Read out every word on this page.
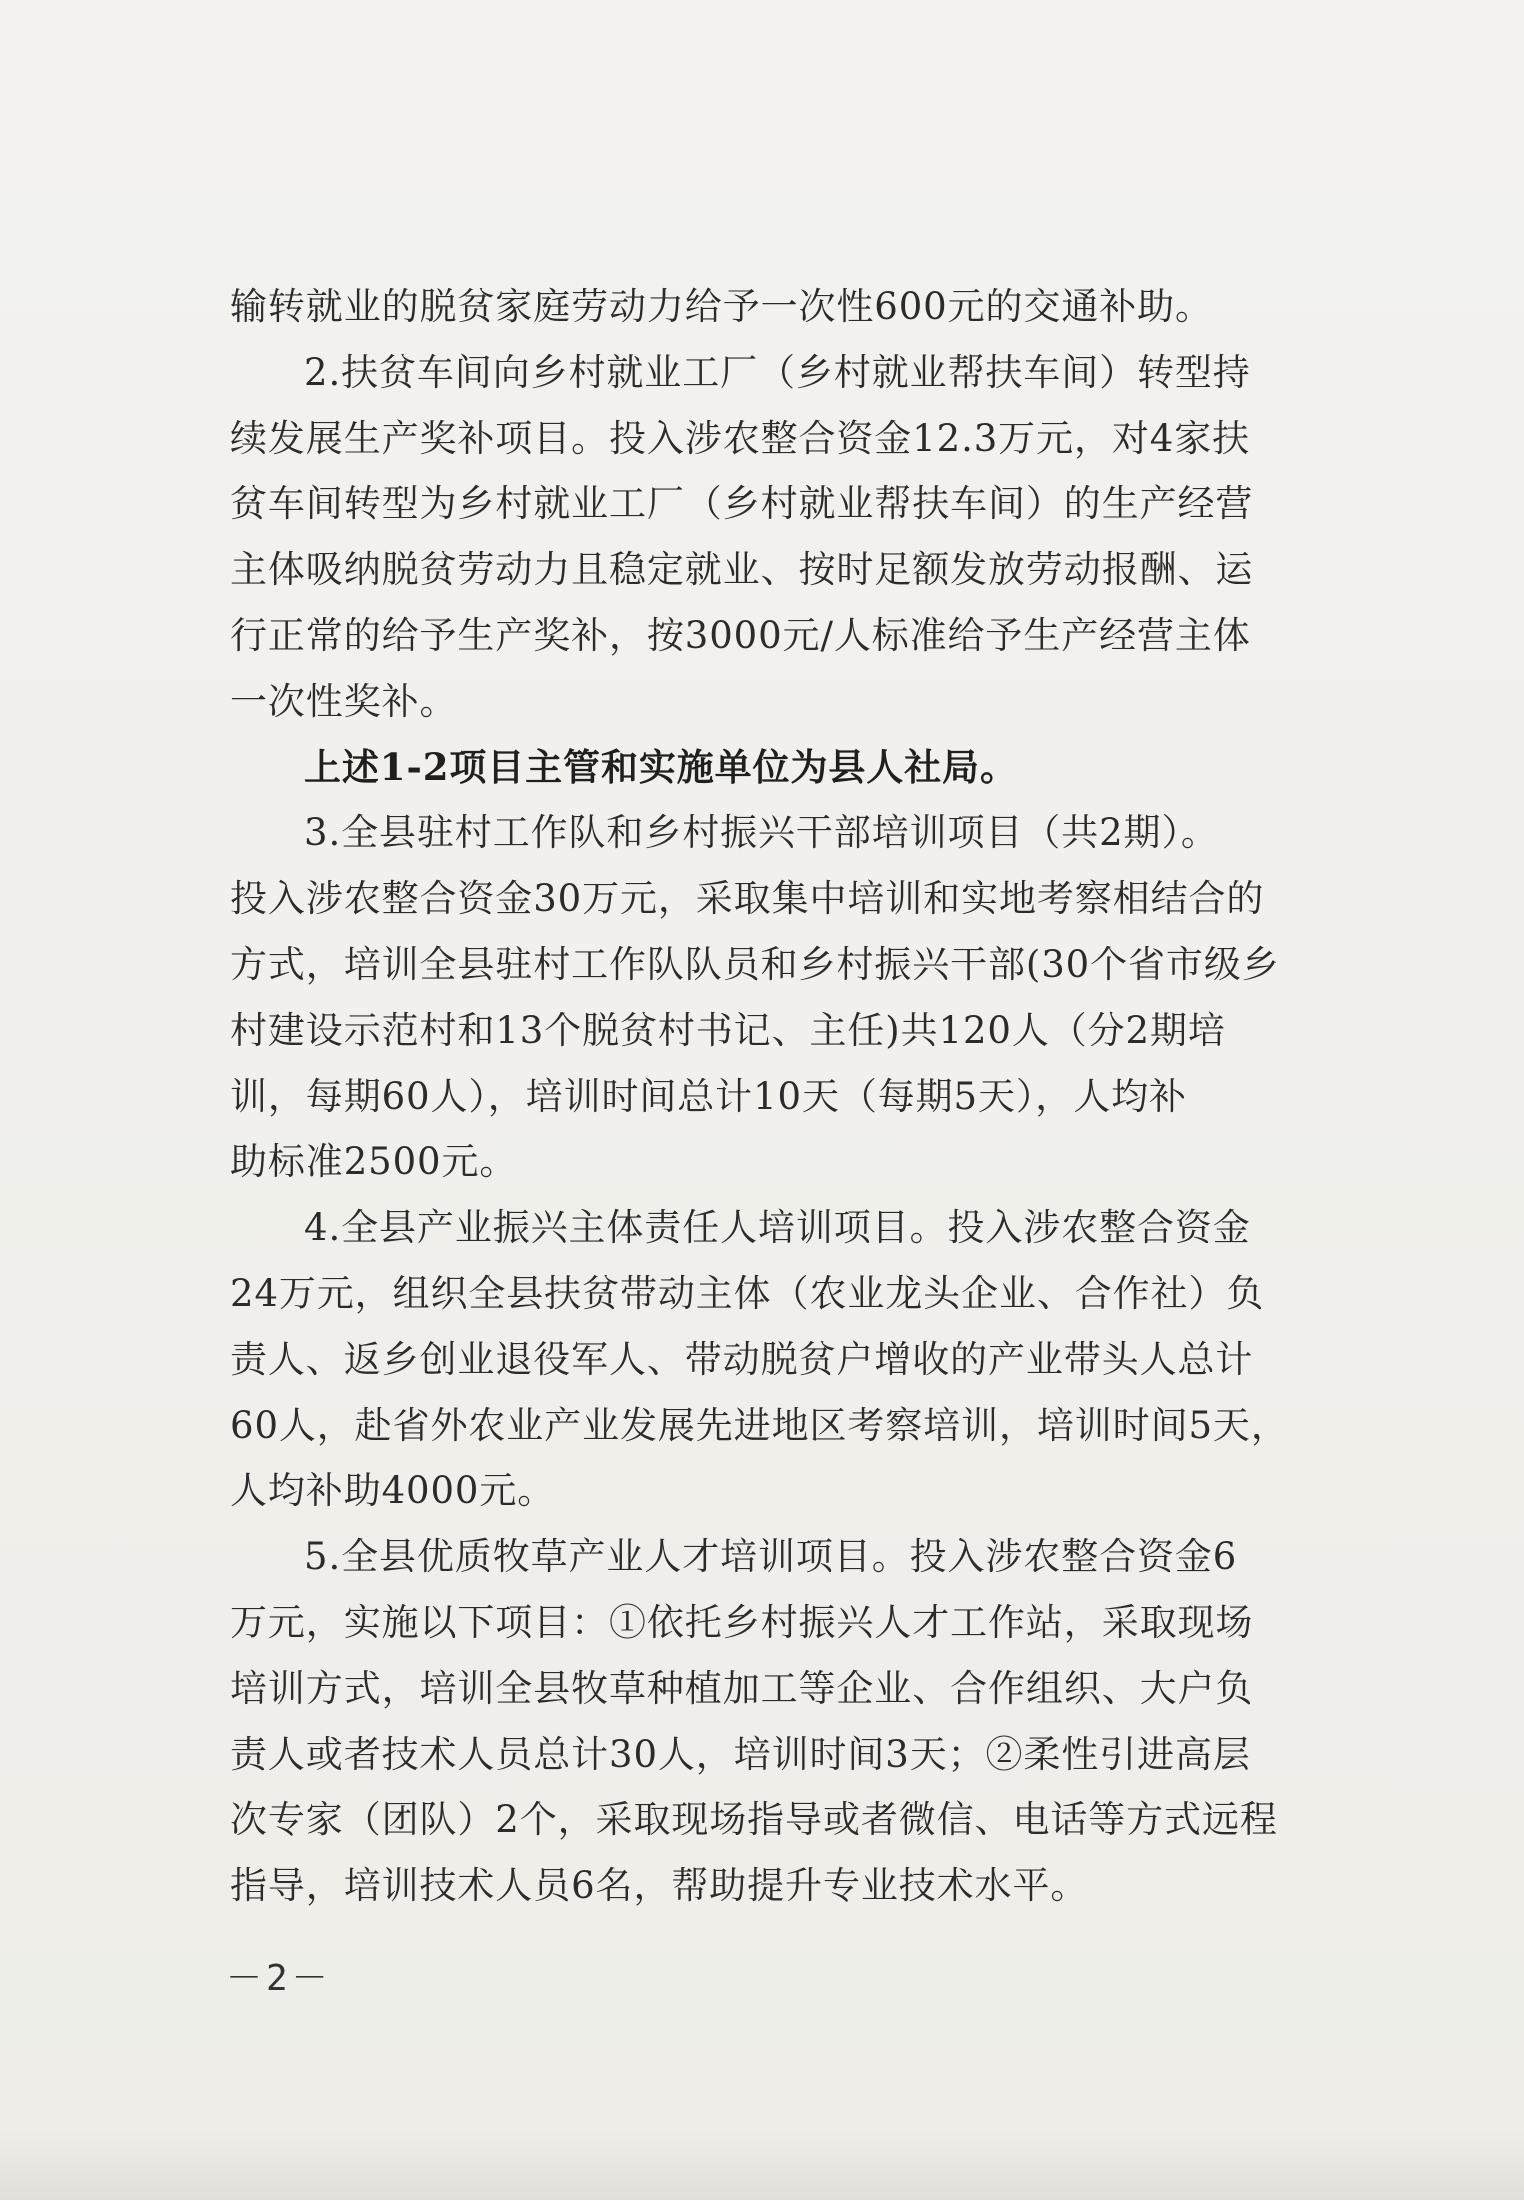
输转就业的脱贫家庭劳动力给予一次性600元的交通补助。
2.扶贫车间向乡村就业工厂（乡村就业帮扶车间）转型持
续发展生产奖补项目。投入涉农整合资金12.3万元，对4家扶
贫车间转型为乡村就业工厂（乡村就业帮扶车间）的生产经营
主体吸纳脱贫劳动力且稳定就业、按时足额发放劳动报酬、运
行正常的给予生产奖补，按3000元/人标准给予生产经营主体
一次性奖补。
上述1-2项目主管和实施单位为县人社局。
3.全县驻村工作队和乡村振兴干部培训项目（共2期）。
投入涉农整合资金30万元，采取集中培训和实地考察相结合的
方式，培训全县驻村工作队队员和乡村振兴干部(30个省市级乡
村建设示范村和13个脱贫村书记、主任)共120人（分2期培
训，每期60人），培训时间总计10天（每期5天），人均补
助标准2500元。
4.全县产业振兴主体责任人培训项目。投入涉农整合资金
24万元，组织全县扶贫带动主体（农业龙头企业、合作社）负
责人、返乡创业退役军人、带动脱贫户增收的产业带头人总计
60人，赴省外农业产业发展先进地区考察培训，培训时间5天，
人均补助4000元。
5.全县优质牧草产业人才培训项目。投入涉农整合资金6
万元，实施以下项目：①依托乡村振兴人才工作站，采取现场
培训方式，培训全县牧草种植加工等企业、合作组织、大户负
责人或者技术人员总计30人，培训时间3天；②柔性引进高层
次专家（团队）2个，采取现场指导或者微信、电话等方式远程
指导，培训技术人员6名，帮助提升专业技术水平。
－2－
